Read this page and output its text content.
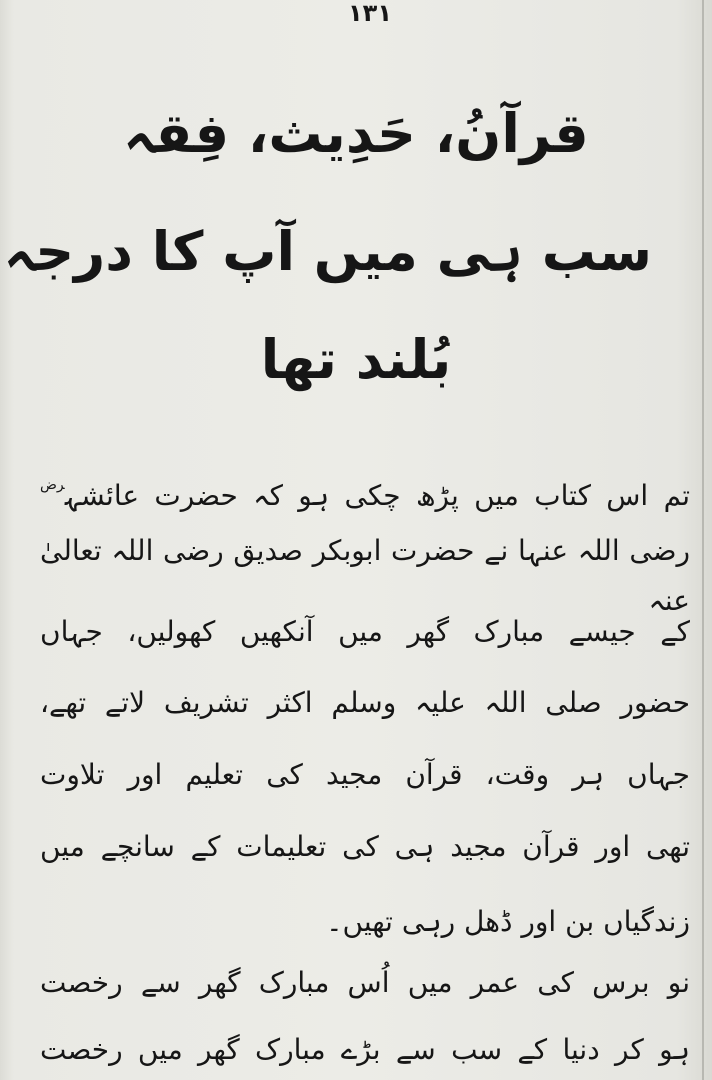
۱۳۱
قرآنُ، حَدِیث، فِقہ
سب ہی میں آپ کا درجہ
بُلند تھا
تم اس کتاب میں پڑھ چکی ہو کہ حضرت عائشہ$^{رض}$
رضی اللہ عنہا نے حضرت ابوبکر صدیق رضی اللہ تعالیٰ عنہ
کے جیسے مبارک گھر میں آنکھیں کھولیں، جہاں
حضور صلی اللہ علیہ وسلم اکثر تشریف لاتے تھے،
جہاں ہر وقت، قرآن مجید کی تعلیم اور تلاوت
تھی اور قرآن مجید ہی کی تعلیمات کے سانچے میں
زندگیاں بن اور ڈھل رہی تھیں۔
نو برس کی عمر میں اُس مبارک گھر سے رخصت
ہو کر دنیا کے سب سے بڑے مبارک گھر میں رخصت
